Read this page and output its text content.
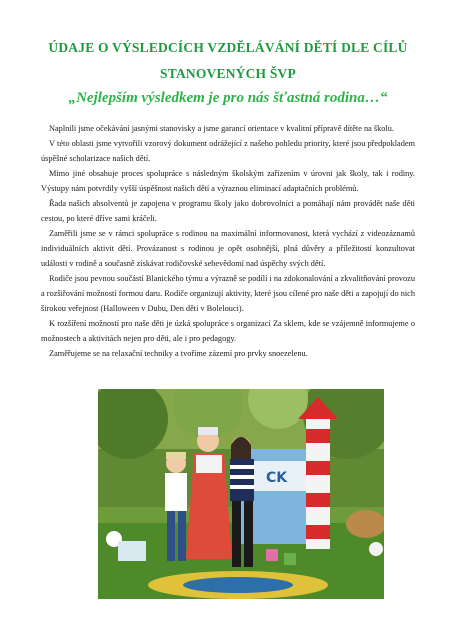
ÚDAJE O VÝSLEDCÍCH VZDĚLÁVÁNÍ DĚTÍ DLE CÍLŮ
STANOVENÝCH ŠVP
„Nejlepším výsledkem je pro nás šťastná rodina…“

Naplnili jsme očekávání jasnými stanovisky a jsme garancí orientace v kvalitní přípravě dítěte na školu.

V této oblasti jsme vytvořili vzorový dokument odrážející z našeho pohledu priority, které jsou předpokladem úspěšné scholarizace našich dětí.

Mimo jiné obsahuje proces spolupráce s následným školským zařízením v úrovni jak školy, tak i rodiny. Výstupy nám potvrdily vyšší úspěšnost našich dětí a výraznou eliminací adaptačních problémů.

Řada našich absolventů je zapojena v programu školy jako dobrovolníci a pomáhají nám provádět naše děti cestou, po které dříve sami kráčeli.

Zaměřili jsme se v rámci spolupráce s rodinou na maximální informovanost, která vychází z videozáznamů individuálních aktivit dětí. Provázanost s rodinou je opět osobnější, plná důvěry a příležitostí konzultovat události v rodině a současně získávat rodičovské sebevědomí nad úspěchy svých dětí.

Rodiče jsou pevnou součástí Blanického týmu a výrazně se podílí i na zdokonalování a zkvalitňování provozu a rozšiřování možností formou daru. Rodiče organizují aktivity, které jsou cílené pro naše děti a zapojují do nich širokou veřejnost (Halloween v Dubu, Den dětí v Bolelouci).

K rozšíření možností pro naše děti je úzká spolupráce s organizací Za sklem, kde se vzájemně informujeme o možnostech a aktivitách nejen pro děti, ale i pro pedagogy.

Zaměřujeme se na relaxační techniky a tvoříme zázemí pro prvky snoezelenu.

CK
